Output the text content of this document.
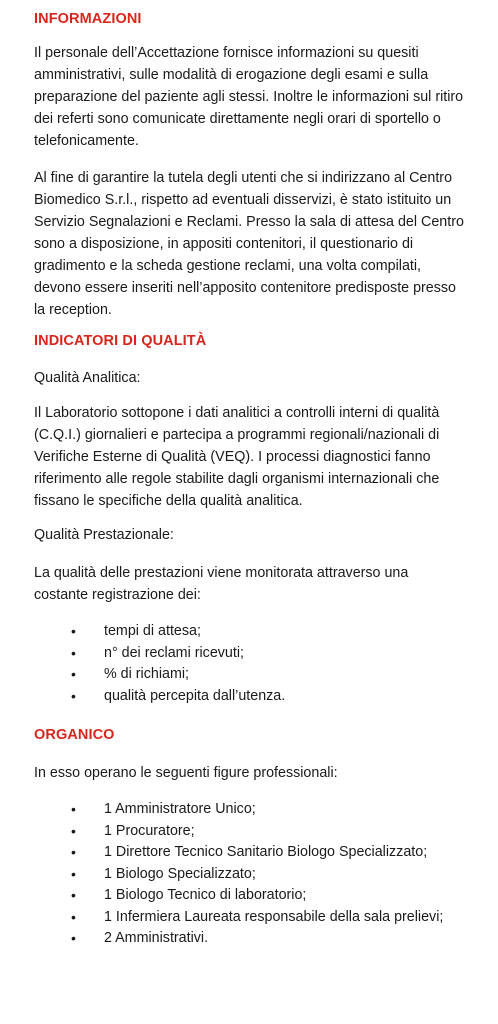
INFORMAZIONI

Il personale dell’Accettazione fornisce informazioni su quesiti amministrativi, sulle modalità di erogazione degli esami e sulla preparazione del paziente agli stessi. Inoltre le informazioni sul ritiro dei referti sono comunicate direttamente negli orari di sportello o telefonicamente.

Al fine di garantire la tutela degli utenti che si indirizzano al Centro Biomedico S.r.l., rispetto ad eventuali disservizi, è stato istituito un Servizio Segnalazioni e Reclami. Presso la sala di attesa del Centro sono a disposizione, in appositi contenitori, il questionario di gradimento e la scheda gestione reclami, una volta compilati, devono essere inseriti nell’apposito contenitore predisposte presso la reception.

INDICATORI DI QUALITÀ

Qualità Analitica:

Il Laboratorio sottopone i dati analitici a controlli interni di qualità (C.Q.I.) giornalieri e partecipa a programmi regionali/nazionali di Verifiche Esterne di Qualità (VEQ). I processi diagnostici fanno riferimento alle regole stabilite dagli organismi internazionali che fissano le specifiche della qualità analitica.

Qualità Prestazionale:

La qualità delle prestazioni viene monitorata attraverso una costante registrazione dei:

• tempi di attesa;
• n° dei reclami ricevuti;
• % di richiami;
• qualità percepita dall’utenza.
ORGANICO

In esso operano le seguenti figure professionali:

• 1 Amministratore Unico;
• 1 Procuratore;
• 1 Direttore Tecnico Sanitario Biologo Specializzato;
• 1 Biologo Specializzato;
• 1 Biologo Tecnico di laboratorio;
• 1 Infermiera Laureata responsabile della sala prelievi;
• 2 Amministrativi.
